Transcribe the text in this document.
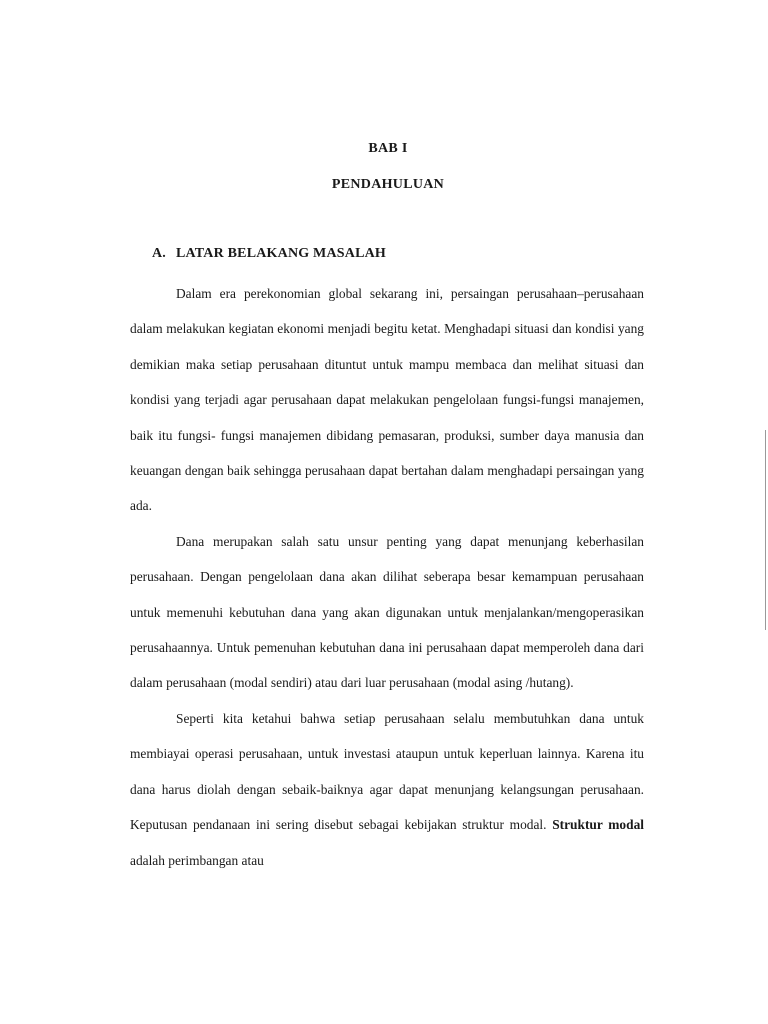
BAB I
PENDAHULUAN
A. LATAR BELAKANG MASALAH

Dalam era perekonomian global sekarang ini, persaingan perusahaan–perusahaan dalam melakukan kegiatan ekonomi menjadi begitu ketat. Menghadapi situasi dan kondisi yang demikian maka setiap perusahaan dituntut untuk mampu membaca dan melihat situasi dan kondisi yang terjadi agar perusahaan dapat melakukan pengelolaan fungsi-fungsi manajemen, baik itu fungsi- fungsi manajemen dibidang pemasaran, produksi, sumber daya manusia dan keuangan dengan baik sehingga perusahaan dapat bertahan dalam menghadapi persaingan yang ada.

Dana merupakan salah satu unsur penting yang dapat menunjang keberhasilan perusahaan. Dengan pengelolaan dana akan dilihat seberapa besar kemampuan perusahaan untuk memenuhi kebutuhan dana yang akan digunakan untuk menjalankan/mengoperasikan perusahaannya. Untuk pemenuhan kebutuhan dana ini perusahaan dapat memperoleh dana dari dalam perusahaan (modal sendiri) atau dari luar perusahaan (modal asing /hutang).

Seperti kita ketahui bahwa setiap perusahaan selalu membutuhkan dana untuk membiayai operasi perusahaan, untuk investasi ataupun untuk keperluan lainnya. Karena itu dana harus diolah dengan sebaik-baiknya agar dapat menunjang kelangsungan perusahaan. Keputusan pendanaan ini sering disebut sebagai kebijakan struktur modal. Struktur modal adalah perimbangan atau
